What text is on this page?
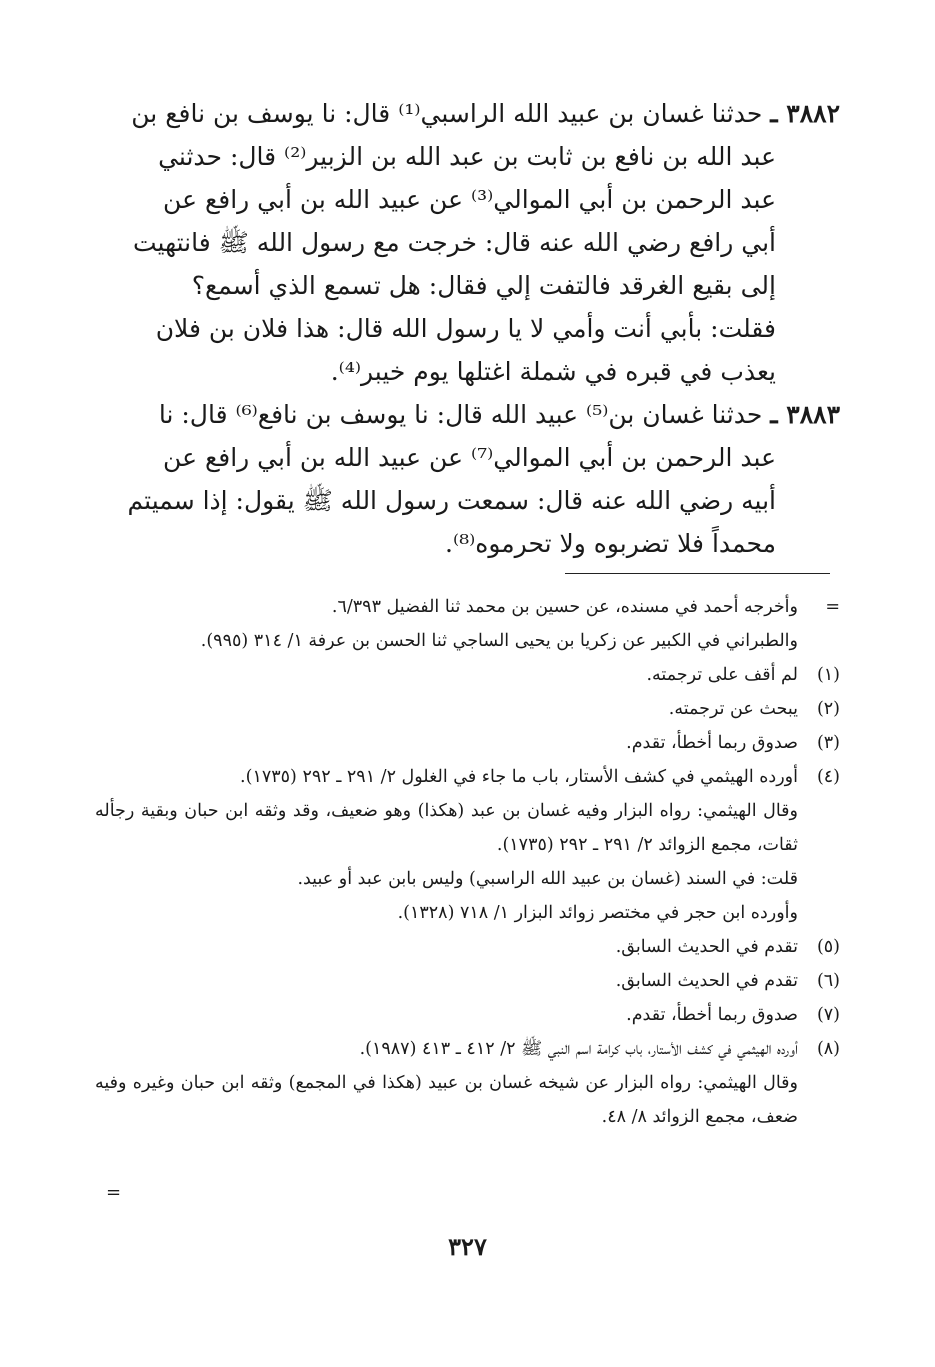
٣٨٨٢ ـ حدثنا غسان بن عبيد الله الراسبي⁽¹⁾ قال: نا يوسف بن نافع بن

عبد الله بن نافع بن ثابت بن عبد الله بن الزبير⁽²⁾ قال: حدثني

عبد الرحمن بن أبي الموالي⁽³⁾ عن عبيد الله بن أبي رافع عن

أبي رافع رضي الله عنه قال: خرجت مع رسول الله ﷺ فانتهيت

إلى بقيع الغرقد فالتفت إلي فقال: هل تسمع الذي أسمع؟

فقلت: بأبي أنت وأمي لا يا رسول الله قال: هذا فلان بن فلان

يعذب في قبره في شملة اغتلها يوم خيبر⁽⁴⁾.

٣٨٨٣ ـ حدثنا غسان بن⁽⁵⁾ عبيد الله قال: نا يوسف بن نافع⁽⁶⁾ قال: نا

عبد الرحمن بن أبي الموالي⁽⁷⁾ عن عبيد الله بن أبي رافع عن

أبيه رضي الله عنه قال: سمعت رسول الله ﷺ يقول: إذا سميتم

محمداً فلا تضربوه ولا تحرموه⁽⁸⁾.

=

وأخرجه أحمد في مسنده، عن حسين بن محمد ثنا الفضيل ٦/٣٩٣.

والطبراني في الكبير عن زكريا بن يحيى الساجي ثنا الحسن بن عرفة ١/ ٣١٤ (٩٩٥).

(١)

لم أقف على ترجمته.

(٢)

يبحث عن ترجمته.

(٣)

صدوق ربما أخطأ، تقدم.

(٤)

أورده الهيثمي في كشف الأستار، باب ما جاء في الغلول ٢/ ٢٩١ ـ ٢٩٢ (١٧٣٥).

وقال الهيثمي: رواه البزار وفيه غسان بن عبد (هكذا) وهو ضعيف، وقد وثقه ابن حبان وبقية رجأله ثقات، مجمع الزوائد ٢/ ٢٩١ ـ ٢٩٢ (١٧٣٥).

قلت: في السند (غسان بن عبيد الله الراسبي) وليس بابن عبد أو عبيد.

وأورده ابن حجر في مختصر زوائد البزار ١/ ٧١٨ (١٣٢٨).

(٥)

تقدم في الحديث السابق.

(٦)

تقدم في الحديث السابق.

(٧)

صدوق ربما أخطأ، تقدم.

(٨)

أورده الهيثمي في كشف الأستار، باب كرامة اسم النبي ﷺ ٢/ ٤١٢ ـ ٤١٣ (١٩٨٧).

وقال الهيثمي: رواه البزار عن شيخه غسان بن عبيد (هكذا في المجمع) وثقه ابن حبان وغيره وفيه ضعف، مجمع الزوائد ٨/ ٤٨.

=
٣٢٧
